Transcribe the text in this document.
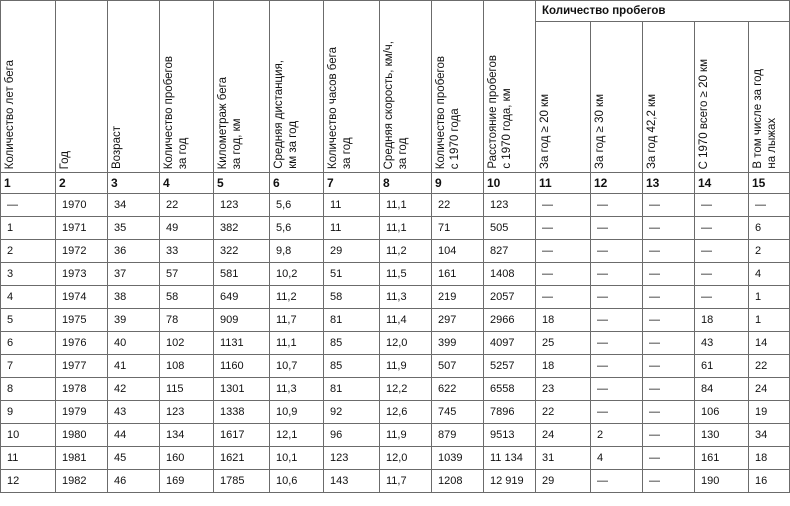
Количество лет бега	Год	Возраст	Количество пробегов за год	Километраж бега за год, км	Средняя дистанция, км за год	Количество часов бега за год	Средняя скорость, км/ч, за год	Количество пробегов с 1970 года	Расстояние пробегов с 1970 года, км	Количество пробегов				

										За год ≥ 20 км	За год ≥ 30 км	За год 42,2 км	С 1970 всего ≥ 20 км	В том числе за год на лыжах

1	2	3	4	5	6	7	8	9	10	11	12	13	14	15
—	1970	34	22	123	5,6	11	11,1	22	123	—	—	—	—	—
1	1971	35	49	382	5,6	11	11,1	71	505	—	—	—	—	6
2	1972	36	33	322	9,8	29	11,2	104	827	—	—	—	—	2
3	1973	37	57	581	10,2	51	11,5	161	1408	—	—	—	—	4
4	1974	38	58	649	11,2	58	11,3	219	2057	—	—	—	—	1
5	1975	39	78	909	11,7	81	11,4	297	2966	18	—	—	18	1
6	1976	40	102	1131	11,1	85	12,0	399	4097	25	—	—	43	14
7	1977	41	108	1160	10,7	85	11,9	507	5257	18	—	—	61	22
8	1978	42	115	1301	11,3	81	12,2	622	6558	23	—	—	84	24
9	1979	43	123	1338	10,9	92	12,6	745	7896	22	—	—	106	19
10	1980	44	134	1617	12,1	96	11,9	879	9513	24	2	—	130	34
11	1981	45	160	1621	10,1	123	12,0	1039	11 134	31	4	—	161	18
12	1982	46	169	1785	10,6	143	11,7	1208	12 919	29	—	—	190	16
